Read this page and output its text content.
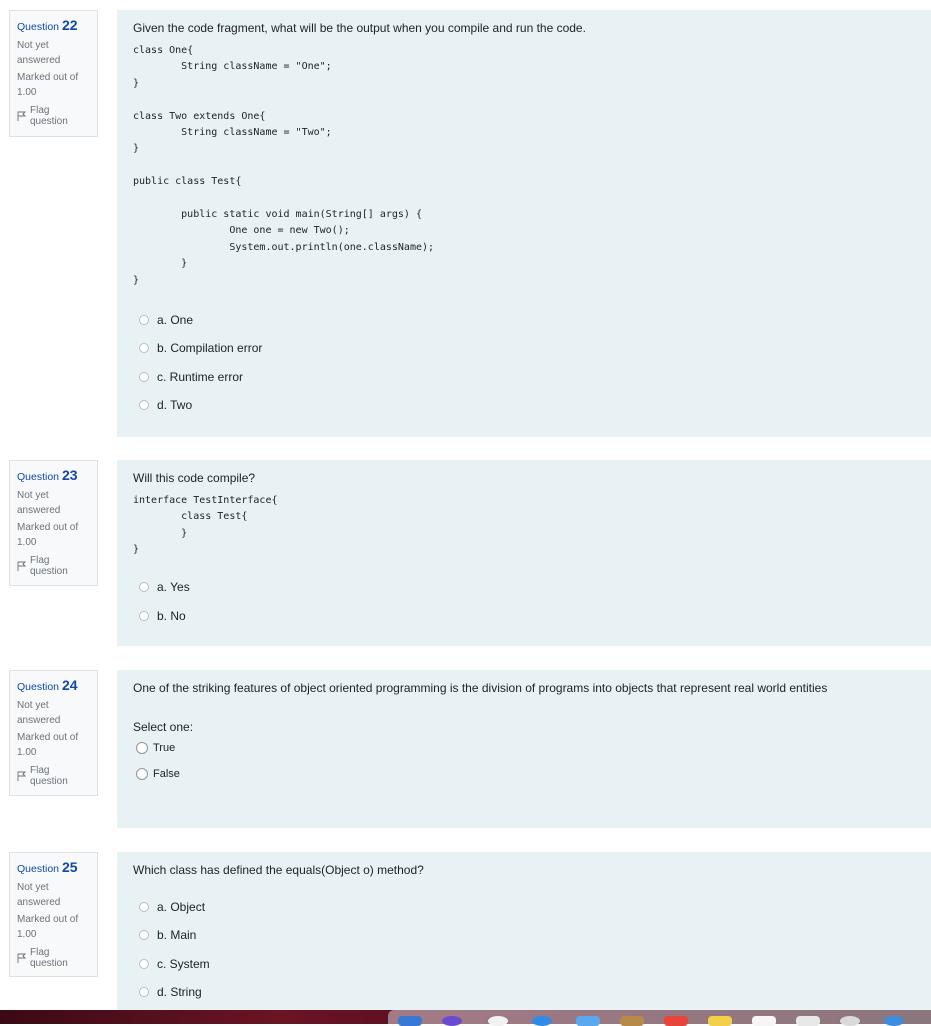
Question 22
Not yet answered
Marked out of 1.00
Flag question
Given the code fragment, what will be the output when you compile and run the code.
class One{
String className = "One";
}

class Two extends One{
String className = "Two";
}

public class Test{

public static void main(String[] args) {
One one = new Two();
System.out.println(one.className);
}
}
a. One
b. Compilation error
c. Runtime error
d. Two
Question 23
Not yet answered
Marked out of 1.00
Flag question
Will this code compile?
interface TestInterface{
class Test{
}
}
a. Yes
b. No
Question 24
Not yet answered
Marked out of 1.00
Flag question
One of the striking features of object oriented programming is the division of programs into objects that represent real world entities
Select one:
True
False
Question 25
Not yet answered
Marked out of 1.00
Flag question
Which class has defined the equals(Object o) method?
a. Object
b. Main
c. System
d. String
